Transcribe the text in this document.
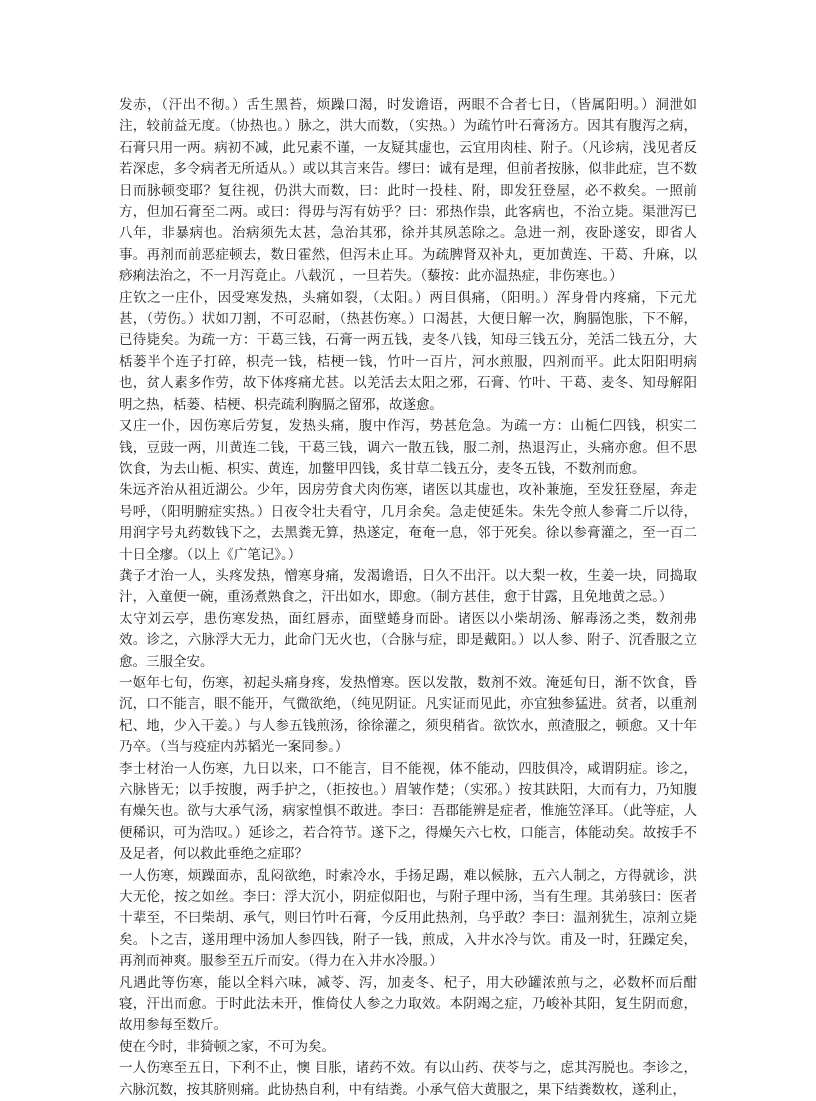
发赤，（汗出不彻。）舌生黑苔，烦躁口渴，时发谵语，两眼不合者七日，（皆属阳明。）洞泄如注，较前益无度。（协热也。）脉之，洪大而数，（实热。）为疏竹叶石膏汤方。因其有腹泻之病，石膏只用一两。病初不减，此兄素不谨，一友疑其虚也，云宜用肉桂、附子。（凡诊病，浅见者反若深虑，多令病者无所适从。）或以其言来告。缪曰：诚有是理，但前者按脉，似非此症，岂不数日而脉顿变耶？复往视，仍洪大而数，曰：此时一投桂、附，即发狂登屋，必不救矣。一照前方，但加石膏至二两。或曰：得毋与泻有妨乎？曰：邪热作祟，此客病也，不治立毙。渠泄泻已八年，非暴病也。治病须先太甚，急治其邪，徐并其夙恙除之。急进一剂，夜卧遂安，即省人事。再剂而前恶症顿去，数日霍然，但泻未止耳。为疏脾肾双补丸，更加黄连、干葛、升麻，以痧痢法治之，不一月泻竟止。八载沉 ，一旦若失。（藜按：此亦温热症，非伤寒也。）

庄钦之一庄仆，因受寒发热，头痛如裂，（太阳。）两目俱痛，（阳明。）浑身骨内疼痛，下元尤甚，（劳伤。）状如刀割，不可忍耐，（热甚伤寒。）口渴甚，大便日解一次，胸膈饱胀，下不解，已待毙矣。为疏一方：干葛三钱，石膏一两五钱，麦冬八钱，知母三钱五分，羌活二钱五分，大栝蒌半个连子打碎，枳壳一钱，桔梗一钱，竹叶一百片，河水煎服，四剂而平。此太阳阳明病也，贫人素多作劳，故下体疼痛尤甚。以羌活去太阳之邪，石膏、竹叶、干葛、麦冬、知母解阳明之热，栝蒌、桔梗、枳壳疏利胸膈之留邪，故遂愈。

又庄一仆，因伤寒后劳复，发热头痛，腹中作泻，势甚危急。为疏一方：山栀仁四钱，枳实二钱，豆豉一两，川黄连二钱，干葛三钱，调六一散五钱，服二剂，热退泻止，头痛亦愈。但不思饮食，为去山栀、枳实、黄连，加鳖甲四钱，炙甘草二钱五分，麦冬五钱，不数剂而愈。

朱远齐治从祖近湖公。少年，因房劳食犬肉伤寒，诸医以其虚也，攻补兼施，至发狂登屋，奔走号呼，（阳明腑症实热。）日夜令壮夫看守，几月余矣。急走使延朱。朱先令煎人参膏二斤以待，用润字号丸药数钱下之，去黑粪无算，热遂定，奄奄一息，邻于死矣。徐以参膏灌之，至一百二十日全瘳。（以上《广笔记》。）

龚子才治一人，头疼发热，憎寒身痛，发渴谵语，日久不出汗。以大梨一枚，生姜一块，同捣取汁，入童便一碗，重汤煮熟食之，汗出如水，即愈。（制方甚佳，愈于甘露，且免地黄之忌。）

太守刘云亭，患伤寒发热，面红唇赤，面壁蜷身而卧。诸医以小柴胡汤、解毒汤之类，数剂弗效。诊之，六脉浮大无力，此命门无火也，（合脉与症，即是戴阳。）以人参、附子、沉香服之立愈。三服全安。

一妪年七旬，伤寒，初起头痛身疼，发热憎寒。医以发散，数剂不效。淹延旬日，渐不饮食，昏沉，口不能言，眼不能开，气微欲绝，（纯见阴证。凡实证而见此，亦宜独参猛进。贫者，以重剂杞、地，少入干姜。）与人参五钱煎汤，徐徐灌之，须臾稍省。欲饮水，煎渣服之，顿愈。又十年乃卒。（当与疫症内苏韬光一案同参。）

李士材治一人伤寒，九日以来，口不能言，目不能视，体不能动，四肢俱冷，咸谓阴症。诊之，六脉皆无；以手按腹，两手护之，（拒按也。）眉皱作楚；（实邪。）按其趺阳，大而有力，乃知腹有燥矢也。欲与大承气汤，病家惶惧不敢进。李曰：吾郡能辨是症者，惟施笠泽耳。（此等症，人便稀识，可为浩叹。）延诊之，若合符节。遂下之，得燥矢六七枚，口能言，体能动矣。故按手不及足者，何以救此垂绝之症耶？

一人伤寒，烦躁面赤，乱闷欲绝，时索冷水，手扬足踢，难以候脉，五六人制之，方得就诊，洪大无伦，按之如丝。李曰：浮大沉小，阴症似阳也，与附子理中汤，当有生理。其弟骇曰：医者十辈至，不曰柴胡、承气，则曰竹叶石膏，今反用此热剂，乌乎敢？李曰：温剂犹生，凉剂立毙矣。卜之吉，遂用理中汤加人参四钱，附子一钱，煎成，入井水冷与饮。甫及一时，狂躁定矣，再剂而神爽。服参至五斤而安。（得力在入井水冷服。）

凡遇此等伤寒，能以全料六味，减苓、泻，加麦冬、杞子，用大砂罐浓煎与之，必数杯而后酣寝，汗出而愈。于时此法未开，惟倚仗人参之力取效。本阴竭之症，乃峻补其阳，复生阴而愈，故用参每至数斤。

使在今时，非猗顿之家，不可为矣。

一人伤寒至五日，下利不止，懊 目胀，诸药不效。有以山药、茯苓与之，虑其泻脱也。李诊之，六脉沉数，按其脐则痛。此协热自利，中有结粪。小承气倍大黄服之，果下结粪数枚，遂利止，
